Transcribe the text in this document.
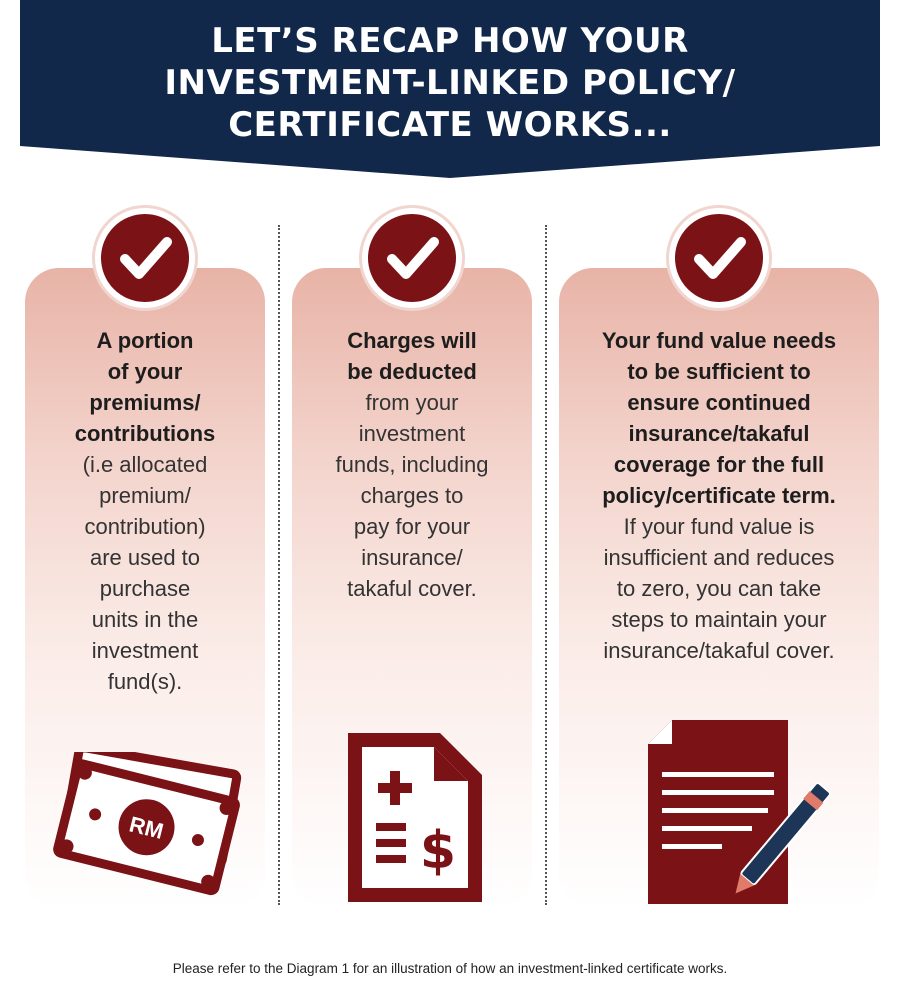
LET’S RECAP HOW YOUR
INVESTMENT-LINKED POLICY/
CERTIFICATE WORKS...
A portion
of your
premiums/
contributions
(i.e allocated
premium/
contribution)
are used to
purchase
units in the
investment
fund(s).
RM
Charges will
be deducted
from your
investment
funds, including
charges to
pay for your
insurance/
takaful cover.
$
Your fund value needs
to be sufficient to
ensure continued
insurance/takaful
coverage for the full
policy/certificate term.
If your fund value is
insufficient and reduces
to zero, you can take
steps to maintain your
insurance/takaful cover.
Please refer to the Diagram 1 for an illustration of how an investment-linked certificate works.
